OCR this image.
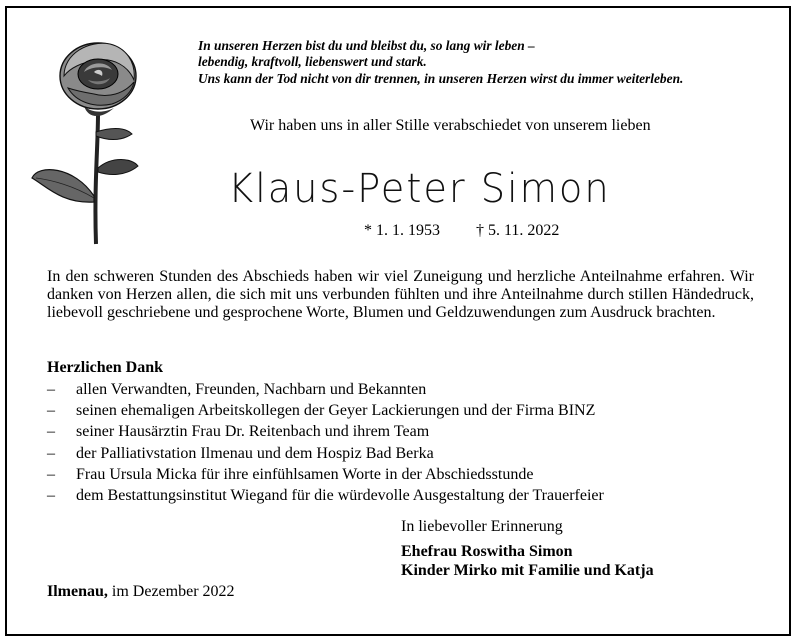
In unseren Herzen bist du und bleibst du, so lang wir leben –
lebendig, kraftvoll, liebenswert und stark.
Uns kann der Tod nicht von dir trennen, in unseren Herzen wirst du immer weiterleben.
Wir haben uns in aller Stille verabschiedet von unserem lieben
Klaus-Peter Simon
* 1. 1. 1953 † 5. 11. 2022
In den schweren Stunden des Abschieds haben wir viel Zuneigung und herzliche Anteilnahme erfahren. Wir danken von Herzen allen, die sich mit uns verbunden fühlten und ihre Anteilnahme durch stillen Händedruck, liebevoll geschriebene und gesprochene Worte, Blumen und Geldzuwendungen zum Ausdruck brachten.
Herzlichen Dank
–	allen Verwandten, Freunden, Nachbarn und Bekannten
–	seinen ehemaligen Arbeitskollegen der Geyer Lackierungen und der Firma BINZ
–	seiner Hausärztin Frau Dr. Reitenbach und ihrem Team
–	der Palliativstation Ilmenau und dem Hospiz Bad Berka
–	Frau Ursula Micka für ihre einfühlsamen Worte in der Abschiedsstunde
–	dem Bestattungsinstitut Wiegand für die würdevolle Ausgestaltung der Trauerfeier
In liebevoller Erinnerung
Ehefrau Roswitha Simon
Kinder Mirko mit Familie und Katja
Ilmenau, im Dezember 2022
